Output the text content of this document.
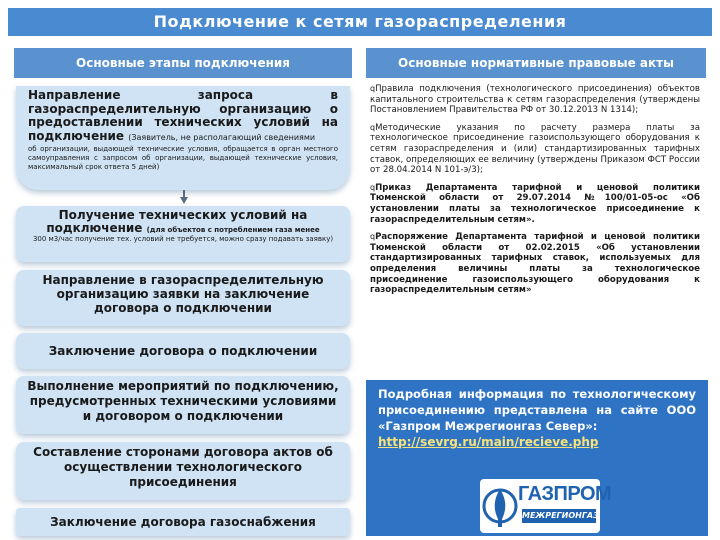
Подключение к сетям газораспределения
Основные этапы подключения	Основные нормативные правовые акты
Направление запроса в
газораспределительную организацию о
предоставлении технических условий на
подключение (Заявитель, не располагающий сведениями
об организации, выдающей технические условия, обращается в орган местного самоуправления с запросом об организации, выдающей технические условия, максимальный срок ответа 5 дней)
Получение технических условий на подключение (для объектов с потреблением газа менее
300 м3/час получение тех. условий не требуется, можно сразу подавать заявку)
Направление в газораспределительную организацию заявки на заключение договора о подключении
Заключение договора о подключении
Выполнение мероприятий по подключению, предусмотренных техническими условиями и договором о подключении
Составление сторонами договора актов об осуществлении технологического присоединения
Заключение договора газоснабжения
qПравила подключения (технологического присоединения) объектов капитального строительства к сетям газораспределения (утверждены Постановлением Правительства РФ от 30.12.2013 N 1314);
qМетодические указания по расчету размера платы за технологическое присоединение газоиспользующего оборудования к сетям газораспределения и (или) стандартизированных тарифных ставок, определяющих ее величину (утверждены Приказом ФСТ России от 28.04.2014 N 101-э/3);
qПриказ Департамента тарифной и ценовой политики Тюменской области от 29.07.2014 №100/01-05-ос «Об установлении платы за технологическое присоединение к газораспределительным сетям».
qРаспоряжение Департамента тарифной и ценовой политики Тюменской области от 02.02.2015 «Об установлении стандартизированных тарифных ставок, используемых для определения величины платы за технологическое присоединение газоиспользующего оборудования к газораспределительным сетям»
Подробная информация по технологическому присоединению представлена на сайте ООО «Газпром Межрегионгаз Север»:
http://sevrg.ru/main/recieve.php
ГАЗПРОМ
МЕЖРЕГИОНГАЗ
